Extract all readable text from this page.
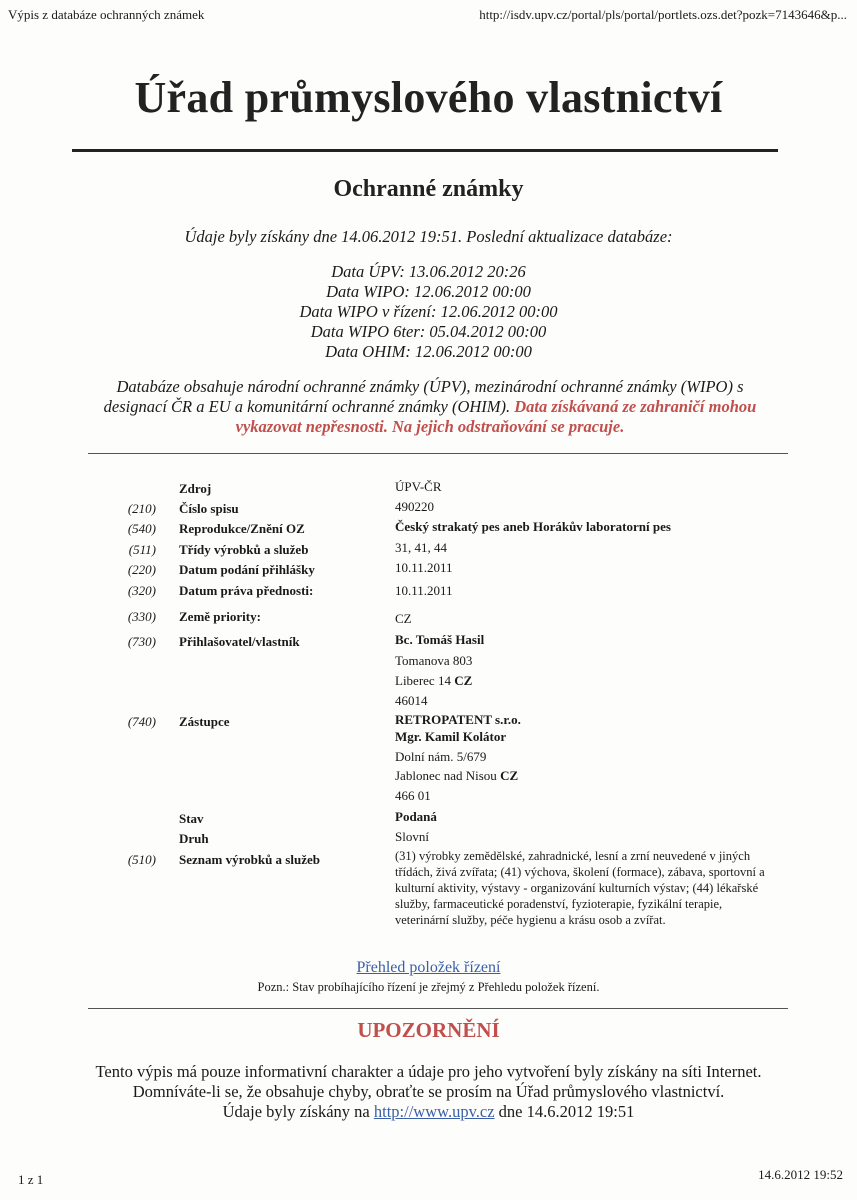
Výpis z databáze ochranných známek	http://isdv.upv.cz/portal/pls/portal/portlets.ozs.det?pozk=7143646&p...
Úřad průmyslového vlastnictví
Ochranné známky
Údaje byly získány dne 14.06.2012 19:51. Poslední aktualizace databáze:
Data ÚPV: 13.06.2012 20:26
Data WIPO: 12.06.2012 00:00
Data WIPO v řízení: 12.06.2012 00:00
Data WIPO 6ter: 05.04.2012 00:00
Data OHIM: 12.06.2012 00:00
Databáze obsahuje národní ochranné známky (ÚPV), mezinárodní ochranné známky (WIPO) s
designací ČR a EU a komunitární ochranné známky (OHIM). Data získávaná ze zahraničí mohou
vykazovat nepřesnosti. Na jejich odstraňování se pracuje.
Zdroj	ÚPV-ČR
(210) Číslo spisu	490220
(540) Reprodukce/Znění OZ	Český strakatý pes aneb Horákův laboratorní pes
(511) Třídy výrobků a služeb	31, 41, 44
(220) Datum podání přihlášky	10.11.2011
(320) Datum práva přednosti:	10.11.2011
(330) Země priority:	CZ
(730) Přihlašovatel/vlastník	Bc. Tomáš Hasil
Tomanova 803
Liberec 14 CZ
46014
(740) Zástupce	RETROPATENT s.r.o.
Mgr. Kamil Kolátor
Dolní nám. 5/679
Jablonec nad Nisou CZ
466 01
Stav	Podaná
Druh	Slovní
(510) Seznam výrobků a služeb	(31) výrobky zemědělské, zahradnické, lesní a zrní neuvedené v jiných třídách, živá zvířata; (41) výchova, školení (formace), zábava, sportovní a kulturní aktivity, výstavy - organizování kulturních výstav; (44) lékařské služby, farmaceutické poradenství, fyzioterapie, fyzikální terapie, veterinární služby, péče hygienu a krásu osob a zvířat.
Přehled položek řízení
Pozn.: Stav probíhajícího řízení je zřejmý z Přehledu položek řízení.
UPOZORNĚNÍ
Tento výpis má pouze informativní charakter a údaje pro jeho vytvoření byly získány na síti Internet.
Domníváte-li se, že obsahuje chyby, obraťte se prosím na Úřad průmyslového vlastnictví.
Údaje byly získány na http://www.upv.cz dne 14.6.2012 19:51
1 z 1	14.6.2012 19:52
